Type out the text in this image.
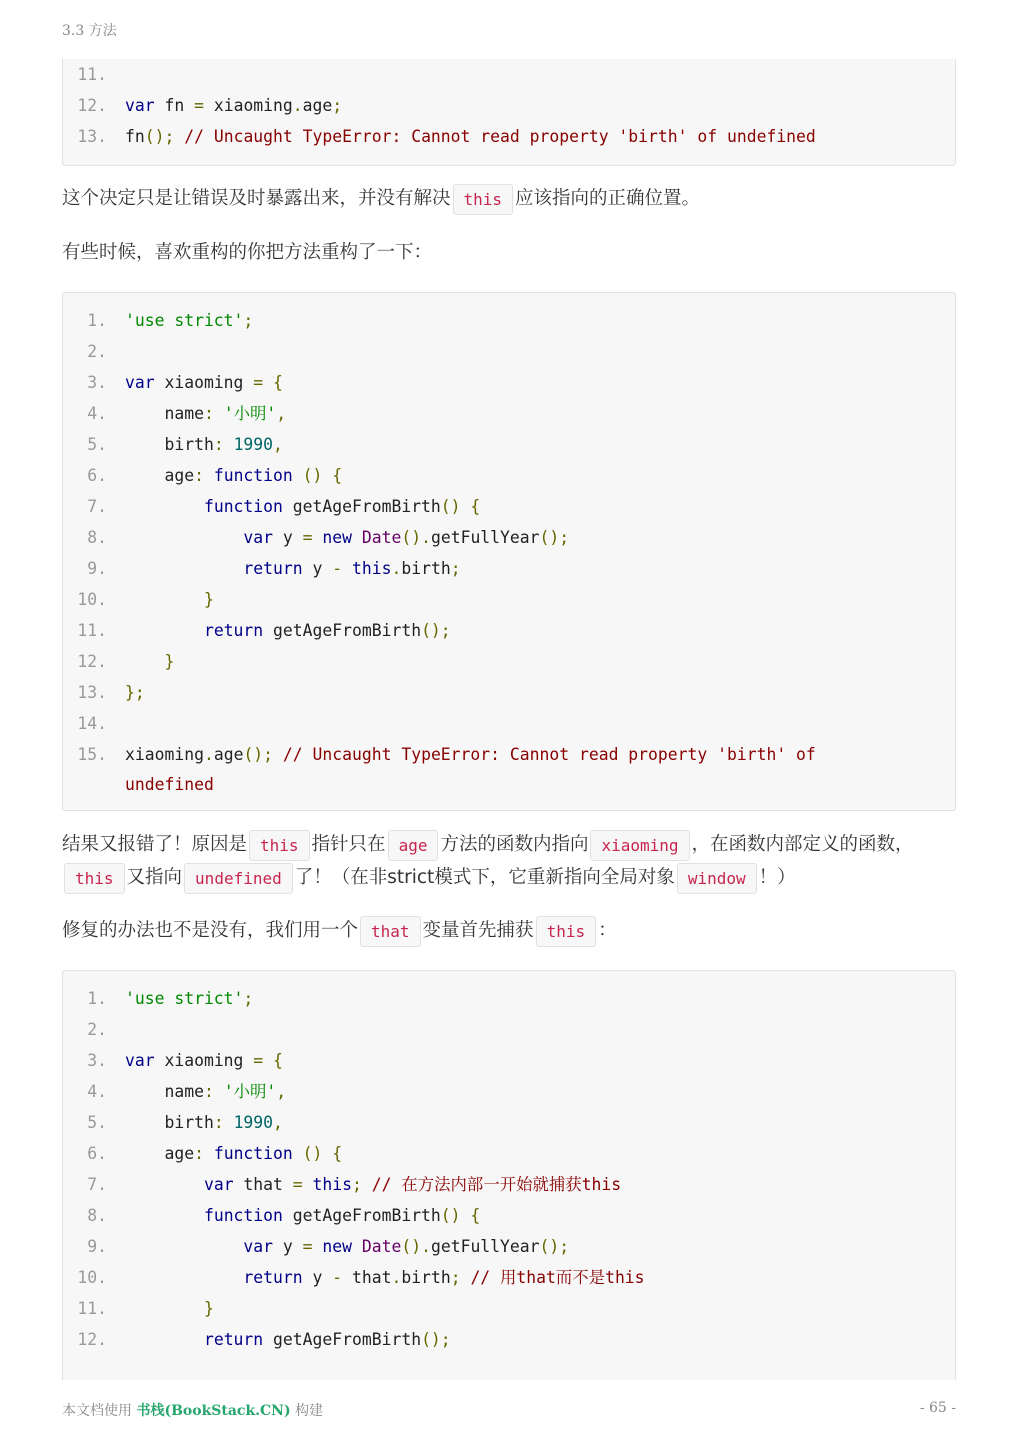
3.3 方法
11.
12. var fn = xiaoming.age;
13. fn(); // Uncaught TypeError: Cannot read property 'birth' of undefined
这个决定只是让错误及时暴露出来，并没有解决 this 应该指向的正确位置。
有些时候，喜欢重构的你把方法重构了一下：
1. 'use strict';
2.
3. var xiaoming = {
4. name: '小明',
5. birth: 1990,
6. age: function () {
7.	function getAgeFromBirth() {
8.	var y = new Date().getFullYear();
9.	return y - this.birth;
10.	}
11.	return getAgeFromBirth();
12.	}
13. };
14.
15. xiaoming.age(); // Uncaught TypeError: Cannot read property 'birth' of
undefined
结果又报错了！原因是 this 指针只在 age 方法的函数内指向 xiaoming ，在函数内部定义的函数，this 又指向 undefined 了！（在非strict模式下，它重新指向全局对象 window ！）
修复的办法也不是没有，我们用一个 that 变量首先捕获 this ：
1. 'use strict';
2.
3. var xiaoming = {
4. name: '小明',
5. birth: 1990,
6. age: function () {
7.	var that = this; // 在方法内部一开始就捕获this
8.	function getAgeFromBirth() {
9.	var y = new Date().getFullYear();
10.	return y - that.birth; // 用that而不是this
11.	}
12.	return getAgeFromBirth();
本文档使用 书栈(BookStack.CN) 构建	- 65 -
